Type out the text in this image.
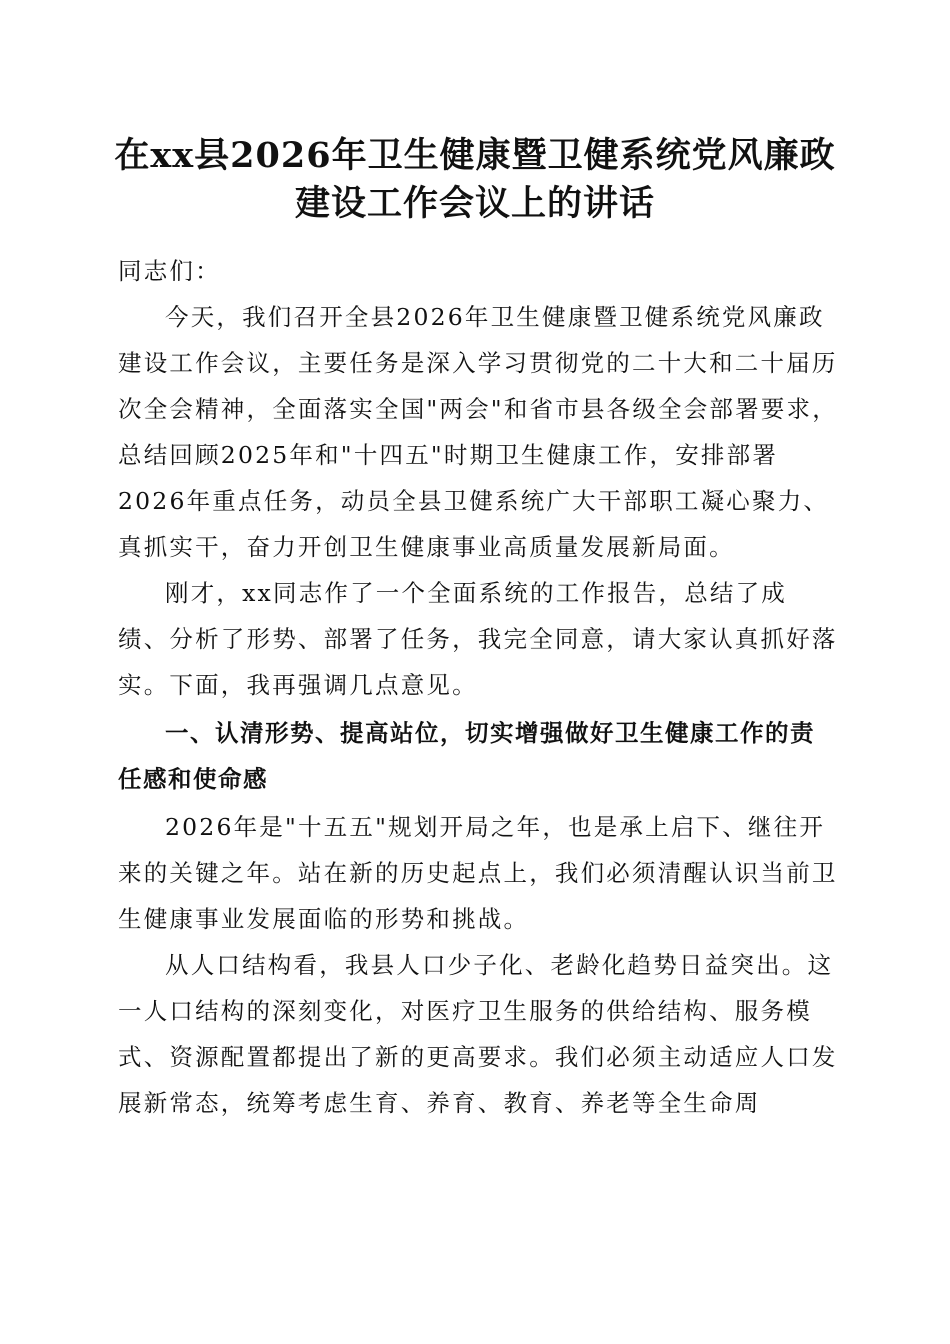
在xx县2026年卫生健康暨卫健系统党风廉政
建设工作会议上的讲话

同志们：

今天，我们召开全县2026年卫生健康暨卫健系统党风廉政建设工作会议，主要任务是深入学习贯彻党的二十大和二十届历次全会精神，全面落实全国"两会"和省市县各级全会部署要求，总结回顾2025年和"十四五"时期卫生健康工作，安排部署2026年重点任务，动员全县卫健系统广大干部职工凝心聚力、真抓实干，奋力开创卫生健康事业高质量发展新局面。

刚才，xx同志作了一个全面系统的工作报告，总结了成绩、分析了形势、部署了任务，我完全同意，请大家认真抓好落实。下面，我再强调几点意见。

一、认清形势、提高站位，切实增强做好卫生健康工作的责任感和使命感

2026年是"十五五"规划开局之年，也是承上启下、继往开来的关键之年。站在新的历史起点上，我们必须清醒认识当前卫生健康事业发展面临的形势和挑战。

从人口结构看，我县人口少子化、老龄化趋势日益突出。这一人口结构的深刻变化，对医疗卫生服务的供给结构、服务模式、资源配置都提出了新的更高要求。我们必须主动适应人口发展新常态，统筹考虑生育、养育、教育、养老等全生命周
